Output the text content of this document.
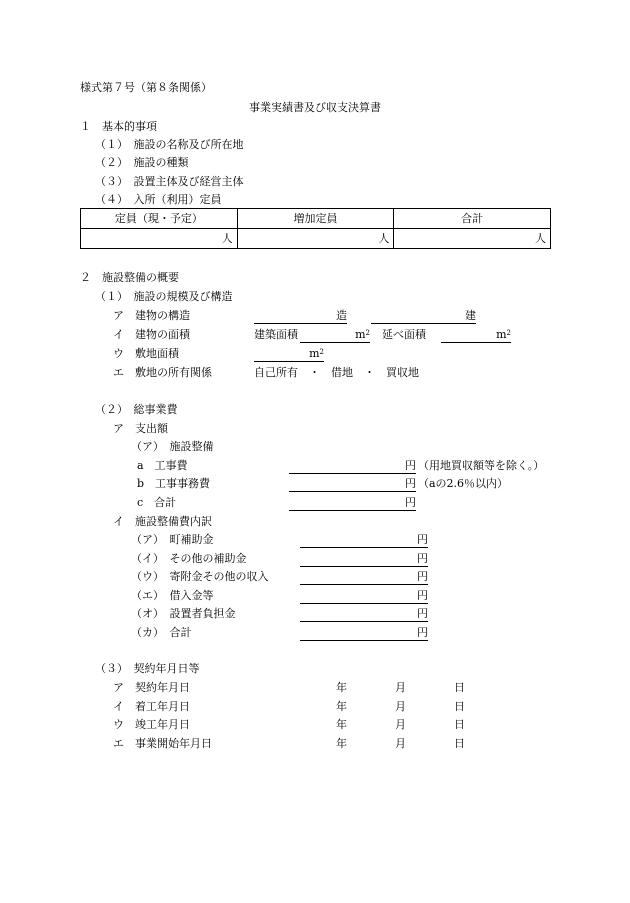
様式第７号（第８条関係）
事業実績書及び収支決算書
１　基本的事項
（１）　施設の名称及び所在地
（２）　施設の種類
（３）　設置主体及び経営主体
（４）　入所（利用）定員
定員（現・予定）	増加定員	合計
人	人	人
２　施設整備の概要
（１）　施設の規模及び構造
ア　建物の構造	造	建
イ　建物の面積	建築面積	$m^2$ 延べ面積	$m^2$
ウ　敷地面積	$m^2$
エ　敷地の所有関係	自己所有　・　借地　・　買収地
（２）　総事業費
ア　支出額
（ア）　施設整備
a　工事費	円 （用地買収額等を除く。）
b　工事事務費	円 （aの2.6％以内）
c　合計	円
イ　施設整備費内訳
（ア）　町補助金	円
（イ）　その他の補助金	円
（ウ）　寄附金その他の収入	円
（エ）　借入金等	円
（オ）　設置者負担金	円
（カ）　合計	円
（３）　契約年月日等
ア　契約年月日	年	月	日
イ　着工年月日	年	月	日
ウ　竣工年月日	年	月	日
エ　事業開始年月日	年	月	日
